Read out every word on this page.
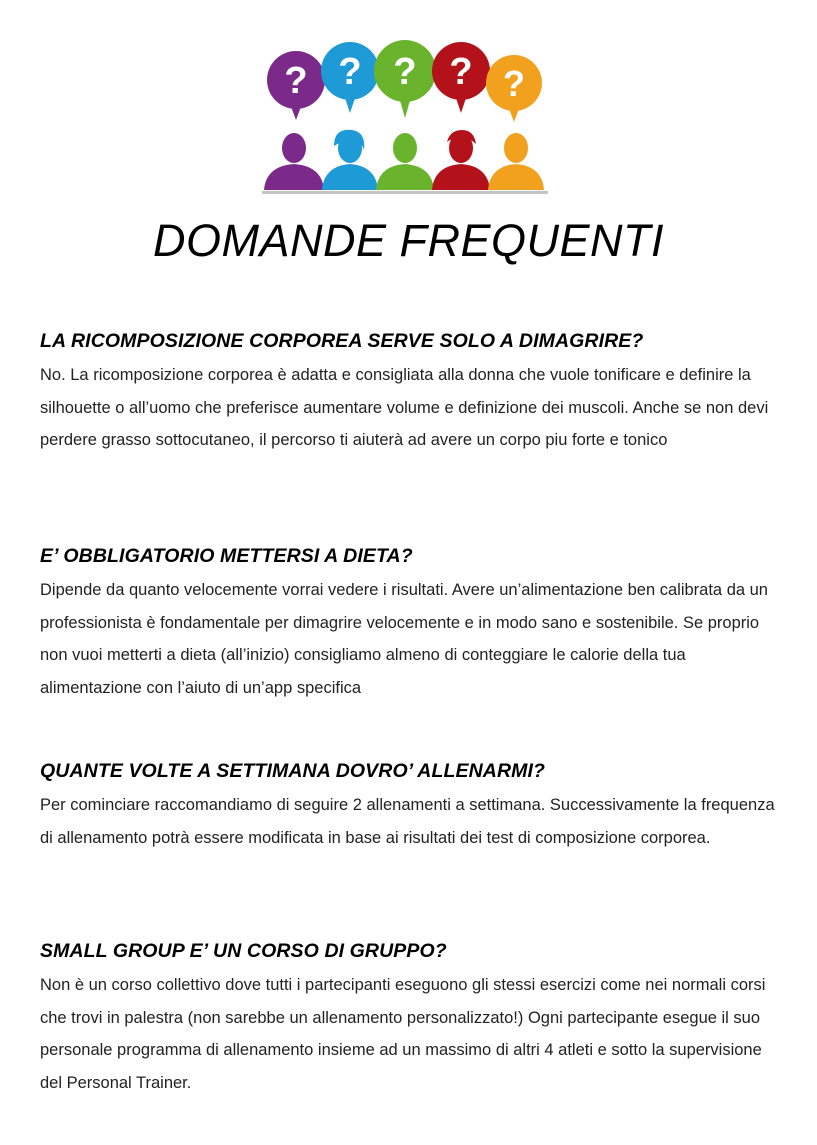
? ? ? ? ?
DOMANDE FREQUENTI
LA RICOMPOSIZIONE CORPOREA SERVE SOLO A DIMAGRIRE?

No. La ricomposizione corporea è adatta e consigliata alla donna che vuole tonificare e definire la silhouette o all’uomo che preferisce aumentare volume e definizione dei muscoli. Anche se non devi perdere grasso sottocutaneo, il percorso ti aiuterà ad avere un corpo piu forte e tonico

E’ OBBLIGATORIO METTERSI A DIETA?

Dipende da quanto velocemente vorrai vedere i risultati. Avere un’alimentazione ben calibrata da un professionista è fondamentale per dimagrire velocemente e in modo sano e sostenibile. Se proprio non vuoi metterti a dieta (all’inizio) consigliamo almeno di conteggiare le calorie della tua alimentazione con l’aiuto di un’app specifica

QUANTE VOLTE A SETTIMANA DOVRO’ ALLENARMI?

Per cominciare raccomandiamo di seguire 2 allenamenti a settimana. Successivamente la frequenza di allenamento potrà essere modificata in base ai risultati dei test di composizione corporea.

SMALL GROUP E’ UN CORSO DI GRUPPO?

Non è un corso collettivo dove tutti i partecipanti eseguono gli stessi esercizi come nei normali corsi che trovi in palestra (non sarebbe un allenamento personalizzato!) Ogni partecipante esegue il suo personale programma di allenamento insieme ad un massimo di altri 4 atleti e sotto la supervisione del Personal Trainer.
